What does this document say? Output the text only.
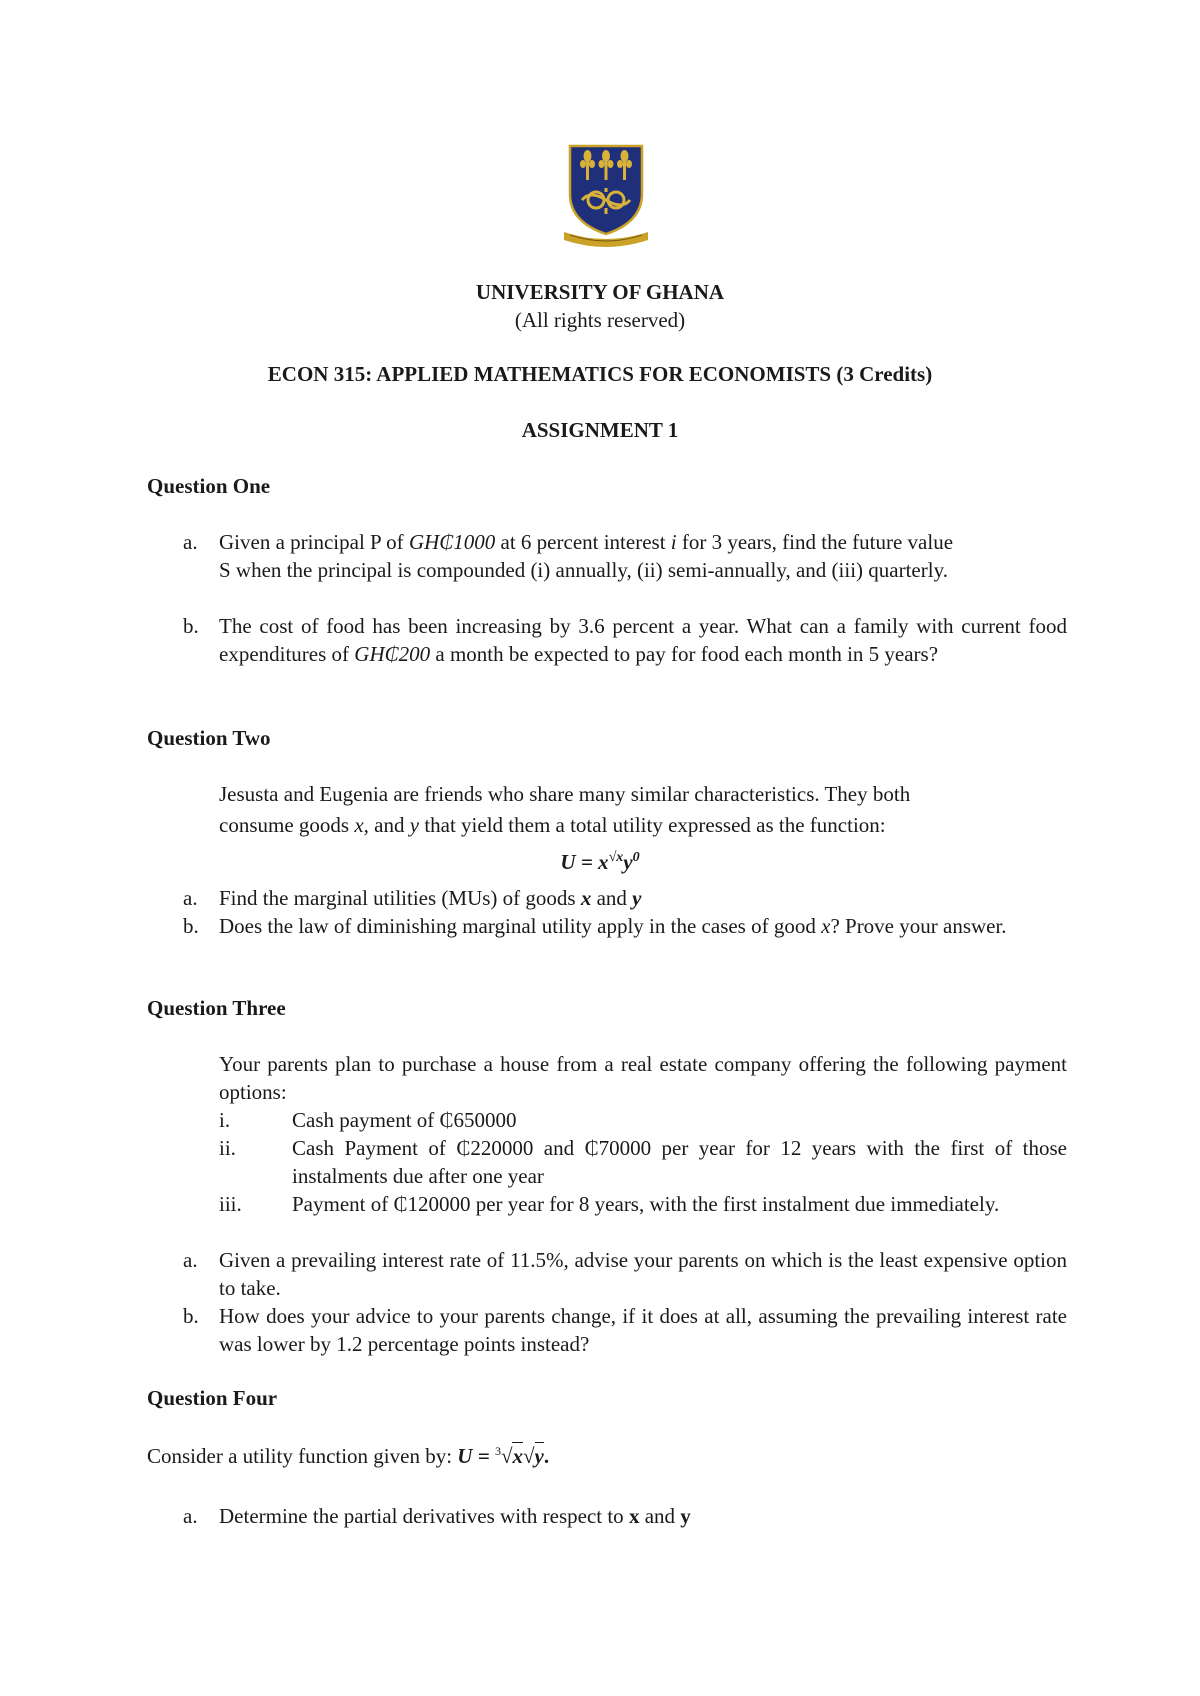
UNIVERSITY OF GHANA
(All rights reserved)
ECON 315: APPLIED MATHEMATICS FOR ECONOMISTS (3 Credits)
ASSIGNMENT 1
Question One
a. Given a principal P of GH₵1000 at 6 percent interest i for 3 years, find the future value
S when the principal is compounded (i) annually, (ii) semi-annually, and (iii) quarterly.
b. The cost of food has been increasing by 3.6 percent a year. What can a family with current food expenditures of GH₵200 a month be expected to pay for food each month in 5 years?
Question Two
Jesusta and Eugenia are friends who share many similar characteristics. They both
consume goods x, and y that yield them a total utility expressed as the function:
$U = x^{√x}y^0$
a. Find the marginal utilities (MUs) of goods x and y
b. Does the law of diminishing marginal utility apply in the cases of good x? Prove your answer.
Question Three
Your parents plan to purchase a house from a real estate company offering the following payment options:
i.	Cash payment of ₵650000
ii.	Cash Payment of ₵220000 and ₵70000 per year for 12 years with the first of those instalments due after one year
iii. Payment of ₵120000 per year for 8 years, with the first instalment due immediately.
a. Given a prevailing interest rate of 11.5%, advise your parents on which is the least expensive option to take.
b. How does your advice to your parents change, if it does at all, assuming the prevailing interest rate was lower by 1.2 percentage points instead?
Question Four
Consider a utility function given by: U = $^3$√x√y.
a. Determine the partial derivatives with respect to x and y
